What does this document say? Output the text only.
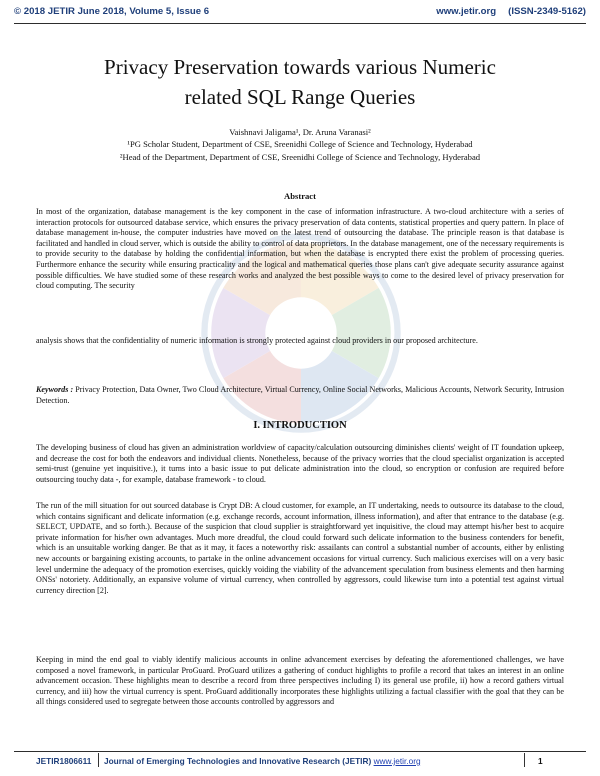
© 2018 JETIR June 2018, Volume 5, Issue 6	www.jetir.org (ISSN-2349-5162)
Privacy Preservation towards various Numeric
related SQL Range Queries
Vaishnavi Jaligama¹, Dr. Aruna Varanasi²
¹PG Scholar Student, Department of CSE, Sreenidhi College of Science and Technology, Hyderabad
²Head of the Department, Department of CSE, Sreenidhi College of Science and Technology, Hyderabad
Abstract

In most of the organization, database management is the key component in the case of information infrastructure. A two-cloud architecture with a series of interaction protocols for outsourced database service, which ensures the privacy preservation of data contents, statistical properties and query pattern. In place of database management in-house, the computer industries have moved on the latest trend of outsourcing the database. The principle reason is that database is facilitated and handled in cloud server, which is outside the ability to control of data proprietors. In the database management, one of the necessary requirements is to provide security to the database by holding the confidential information, but when the database is encrypted there exist the problem of processing queries. Furthermore enhance the security while ensuring practicality and the logical and mathematical queries those plans can't give adequate security assurance against possible difficulties. We have studied some of these research works and analyzed the best possible ways to come to the desired level of privacy preservation for cloud computing. The security

analysis shows that the confidentiality of numeric information is strongly protected against cloud providers in our proposed architecture.

Keywords : Privacy Protection, Data Owner, Two Cloud Architecture, Virtual Currency, Online Social Networks, Malicious Accounts, Network Security, Intrusion Detection.

I. INTRODUCTION

The developing business of cloud has given an administration worldview of capacity/calculation outsourcing diminishes clients' weight of IT foundation upkeep, and decrease the cost for both the endeavors and individual clients. Nonetheless, because of the privacy worries that the cloud specialist organization is accepted semi-trust (genuine yet inquisitive.), it turns into a basic issue to put delicate administration into the cloud, so encryption or confusion are required before outsourcing touchy data -, for example, database framework - to cloud.

The run of the mill situation for out sourced database is Crypt DB: A cloud customer, for example, an IT undertaking, needs to outsource its database to the cloud, which contains significant and delicate information (e.g. exchange records, account information, illness information), and after that entrance to the database (e.g. SELECT, UPDATE, and so forth.). Because of the suspicion that cloud supplier is straightforward yet inquisitive, the cloud may attempt his/her best to acquire private information for his/her own advantages. Much more dreadful, the cloud could forward such delicate information to the business contenders for benefit, which is an unsuitable working danger. Be that as it may, it faces a noteworthy risk: assailants can control a substantial number of accounts, either by enlisting new accounts or bargaining existing accounts, to partake in the online advancement occasions for virtual currency. Such malicious exercises will on a very basic level undermine the adequacy of the promotion exercises, quickly voiding the viability of the advancement speculation from business elements and then harming ONSs' notoriety. Additionally, an expansive volume of virtual currency, when controlled by aggressors, could likewise turn into a potential test against virtual currency direction [2].

Keeping in mind the end goal to viably identify malicious accounts in online advancement exercises by defeating the aforementioned challenges, we have composed a novel framework, in particular ProGuard. ProGuard utilizes a gathering of conduct highlights to profile a record that takes an interest in an online advancement occasion. These highlights mean to describe a record from three perspectives including I) its general use profile, ii) how a record gathers virtual currency, and iii) how the virtual currency is spent. ProGuard additionally incorporates these highlights utilizing a factual classifier with the goal that they can be all things considered used to segregate between those accounts controlled by aggressors and

JETIR1806611 Journal of Emerging Technologies and Innovative Research (JETIR) www.jetir.org	1
